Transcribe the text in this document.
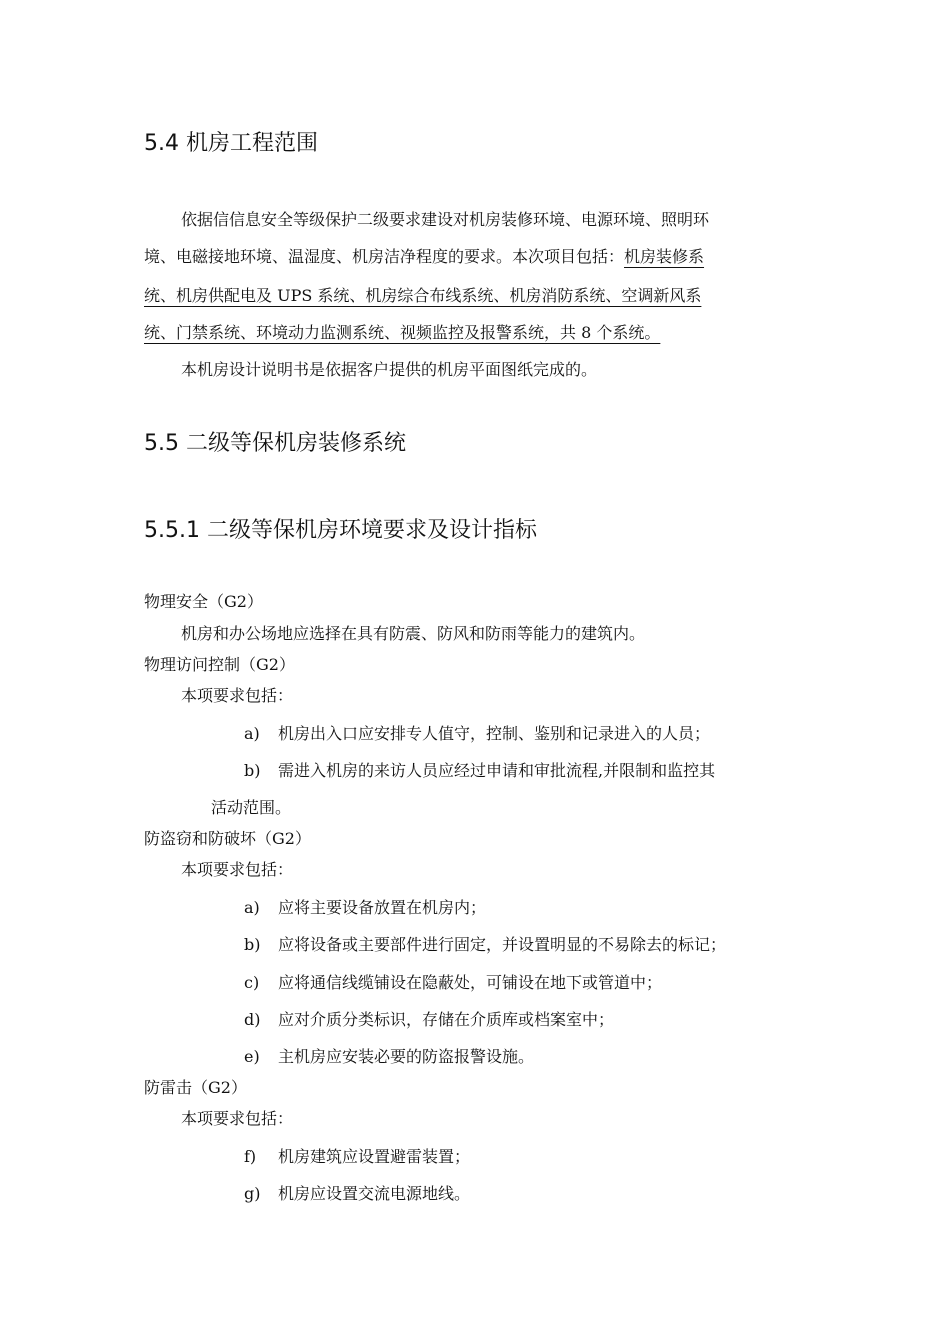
5.4 机房工程范围
依据信信息安全等级保护二级要求建设对机房装修环境、电源环境、照明环
境、电磁接地环境、温湿度、机房洁净程度的要求。本次项目包括：机房装修系
统、机房供配电及 UPS 系统、机房综合布线系统、机房消防系统、空调新风系
统、门禁系统、环境动力监测系统、视频监控及报警系统，共 8 个系统。
本机房设计说明书是依据客户提供的机房平面图纸完成的。
5.5 二级等保机房装修系统
5.5.1 二级等保机房环境要求及设计指标
物理安全（G2）
机房和办公场地应选择在具有防震、防风和防雨等能力的建筑内。
物理访问控制（G2）
本项要求包括：
a) 机房出入口应安排专人值守，控制、鉴别和记录进入的人员；
b) 需进入机房的来访人员应经过申请和审批流程,并限制和监控其
活动范围。
防盗窃和防破坏（G2）
本项要求包括：
a) 应将主要设备放置在机房内；
b) 应将设备或主要部件进行固定，并设置明显的不易除去的标记；
c) 应将通信线缆铺设在隐蔽处，可铺设在地下或管道中；
d) 应对介质分类标识，存储在介质库或档案室中；
e) 主机房应安装必要的防盗报警设施。
防雷击（G2）
本项要求包括：
f) 机房建筑应设置避雷装置；
g) 机房应设置交流电源地线。
